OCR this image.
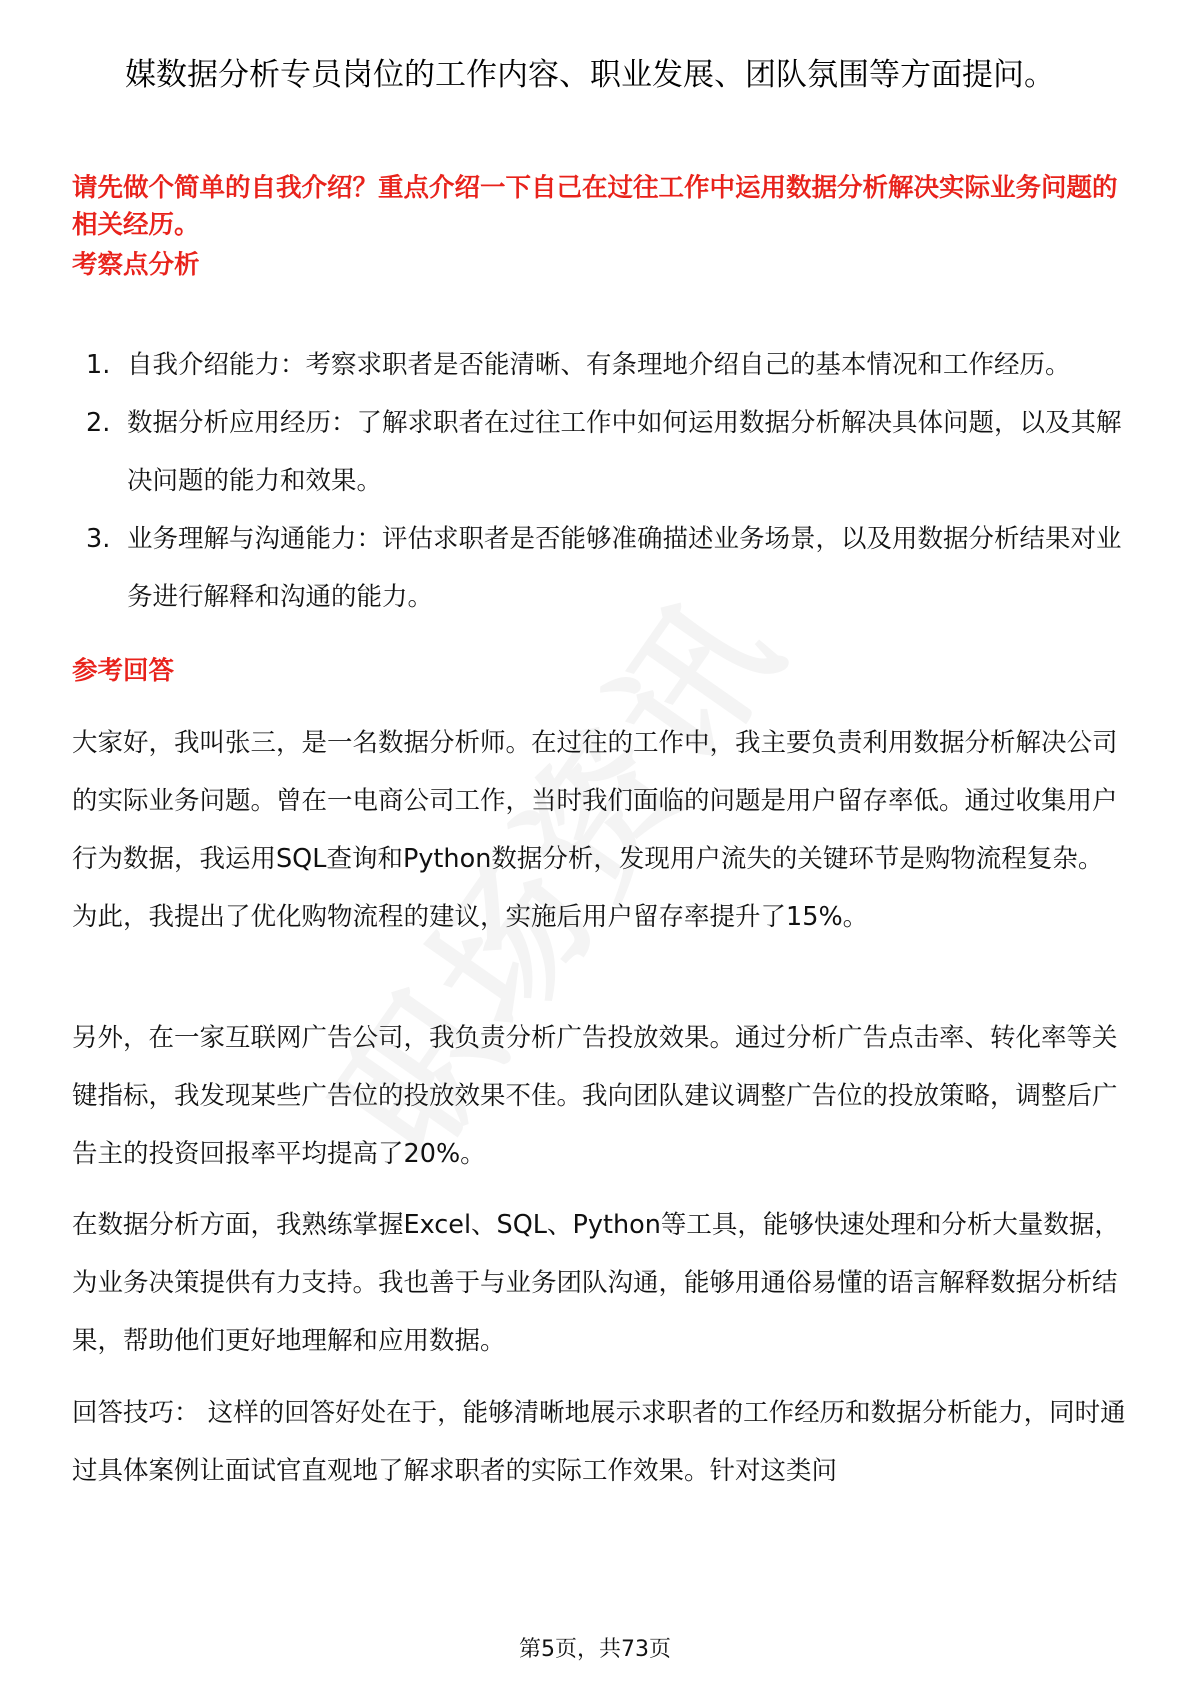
媒数据分析专员岗位的工作内容、职业发展、团队氛围等方面提问。
请先做个简单的自我介绍？重点介绍一下自己在过往工作中运用数据分析解决实际业务问题的相关经历。
考察点分析
1. 自我介绍能力：考察求职者是否能清晰、有条理地介绍自己的基本情况和工作经历。
2. 数据分析应用经历：了解求职者在过往工作中如何运用数据分析解决具体问题，以及其解决问题的能力和效果。
3. 业务理解与沟通能力：评估求职者是否能够准确描述业务场景，以及用数据分析结果对业务进行解释和沟通的能力。
参考回答

大家好，我叫张三，是一名数据分析师。在过往的工作中，我主要负责利用数据分析解决公司的实际业务问题。曾在一电商公司工作，当时我们面临的问题是用户留存率低。通过收集用户行为数据，我运用SQL查询和Python数据分析，发现用户流失的关键环节是购物流程复杂。为此，我提出了优化购物流程的建议，实施后用户留存率提升了15%。

另外，在一家互联网广告公司，我负责分析广告投放效果。通过分析广告点击率、转化率等关键指标，我发现某些广告位的投放效果不佳。我向团队建议调整广告位的投放策略，调整后广告主的投资回报率平均提高了20%。

在数据分析方面，我熟练掌握Excel、SQL、Python等工具，能够快速处理和分析大量数据，为业务决策提供有力支持。我也善于与业务团队沟通，能够用通俗易懂的语言解释数据分析结果，帮助他们更好地理解和应用数据。

回答技巧： 这样的回答好处在于，能够清晰地展示求职者的工作经历和数据分析能力，同时通过具体案例让面试官直观地了解求职者的实际工作效果。针对这类问

第5页，共73页
